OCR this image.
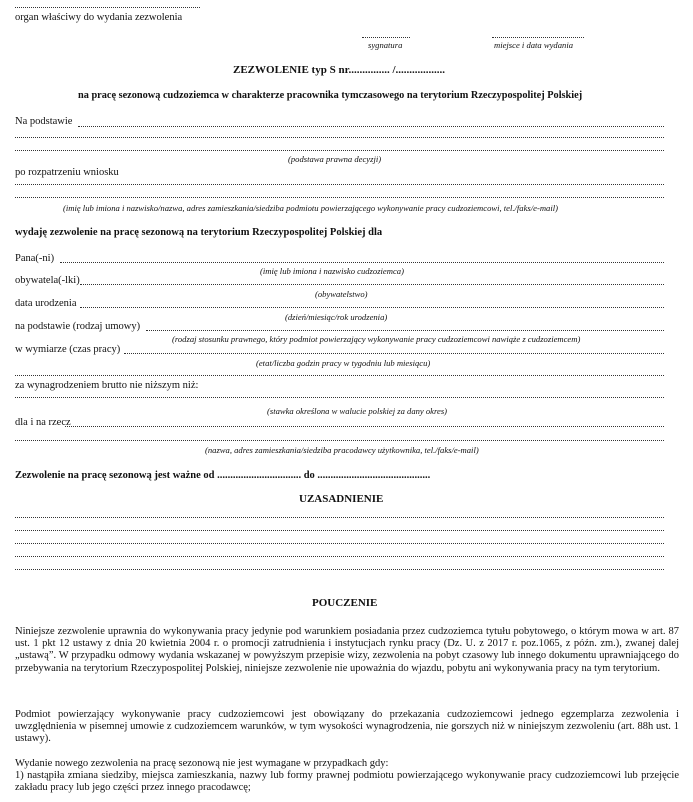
organ właściwy do wydania zezwolenia
sygnatura	miejsce i data wydania
ZEZWOLENIE typ S nr............... /..................
na pracę sezonową cudzoziemca w charakterze pracownika tymczasowego na terytorium Rzeczypospolitej Polskiej
Na podstawie
(podstawa prawna decyzji)
po rozpatrzeniu wniosku
(imię lub imiona i nazwisko/nazwa, adres zamieszkania/siedziba podmiotu powierzającego wykonywanie pracy cudzoziemcowi, tel./faks/e-mail)
wydaję zezwolenie na pracę sezonową na terytorium Rzeczypospolitej Polskiej dla
Pana(-ni)
(imię lub imiona i nazwisko cudzoziemca)
obywatela(-lki)
(obywatelstwo)
data urodzenia
(dzień/miesiąc/rok urodzenia)
na podstawie (rodzaj umowy)
(rodzaj stosunku prawnego, który podmiot powierzający wykonywanie pracy cudzoziemcowi nawiąże z cudzoziemcem)
w wymiarze (czas pracy)
(etat/liczba godzin pracy w tygodniu lub miesiącu)
za wynagrodzeniem brutto nie niższym niż:
(stawka określona w walucie polskiej za dany okres)
dla i na rzecz
(nazwa, adres zamieszkania/siedziba pracodawcy użytkownika, tel./faks/e-mail)
Zezwolenie na pracę sezonową jest ważne od ................................ do ...........................................
UZASADNIENIE
POUCZENIE
Niniejsze zezwolenie uprawnia do wykonywania pracy jedynie pod warunkiem posiadania przez cudzoziemca tytułu pobytowego, o którym mowa w art. 87 ust. 1 pkt 12 ustawy z dnia 20 kwietnia 2004 r. o promocji zatrudnienia i instytucjach rynku pracy (Dz. U. z 2017 r. poz.1065, z późn. zm.), zwanej dalej „ustawą”. W przypadku odmowy wydania wskazanej w powyższym przepisie wizy, zezwolenia na pobyt czasowy lub innego dokumentu uprawniającego do przebywania na terytorium Rzeczypospolitej Polskiej, niniejsze zezwolenie nie upoważnia do wjazdu, pobytu ani wykonywania pracy na tym terytorium.
Podmiot powierzający wykonywanie pracy cudzoziemcowi jest obowiązany do przekazania cudzoziemcowi jednego egzemplarza zezwolenia i uwzględnienia w pisemnej umowie z cudzoziemcem warunków, w tym wysokości wynagrodzenia, nie gorszych niż w niniejszym zezwoleniu (art. 88h ust. 1 ustawy).
Wydanie nowego zezwolenia na pracę sezonową nie jest wymagane w przypadkach gdy:
1) nastąpiła zmiana siedziby, miejsca zamieszkania, nazwy lub formy prawnej podmiotu powierzającego wykonywanie pracy cudzoziemcowi lub przejęcie zakładu pracy lub jego części przez innego pracodawcę;
